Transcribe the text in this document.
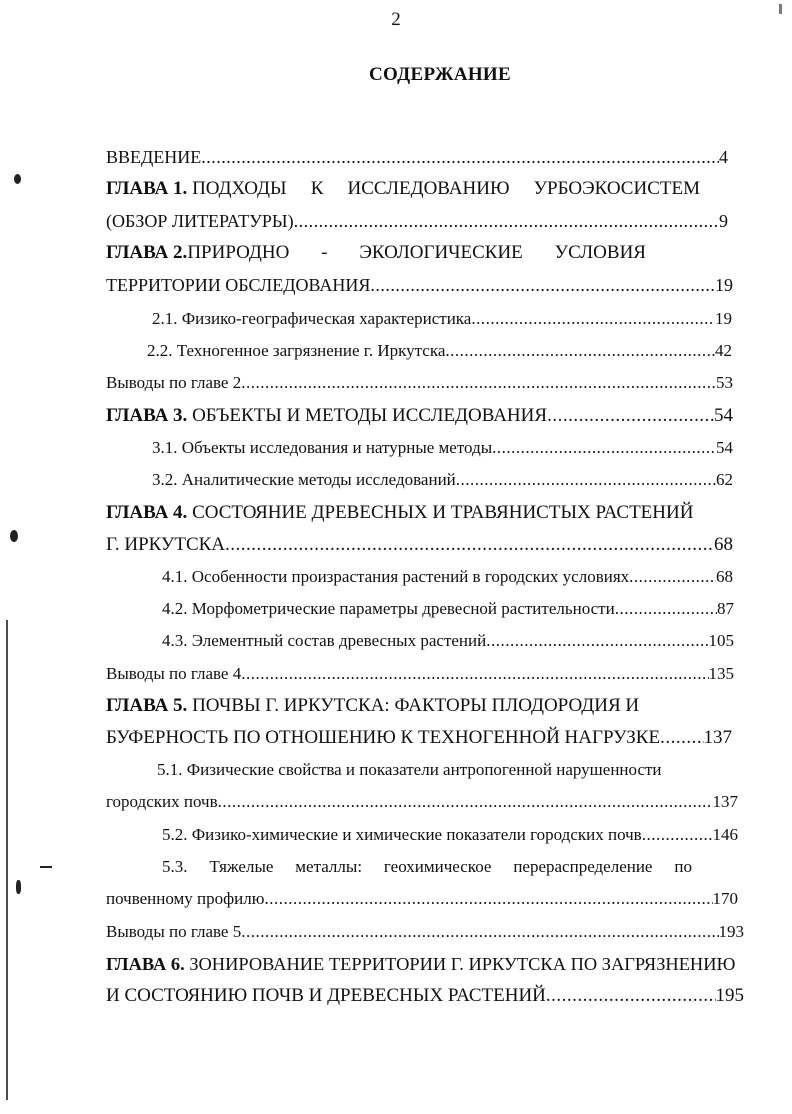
2
СОДЕРЖАНИЕ
ВВЕДЕНИЕ .....	4
ГЛАВА 1.
ПОДХОДЫ К ИССЛЕДОВАНИЮ УРБОЭКОСИСТЕМ
(ОБЗОР ЛИТЕРАТУРЫ) .....	9
ГЛАВА 2. ПРИРОДНО - ЭКОЛОГИЧЕСКИЕ УСЛОВИЯ
ТЕРРИТОРИИ ОБСЛЕДОВАНИЯ .....	19
2.1. Физико-географическая характеристика .....	19
2.2. Техногенное загрязнение г. Иркутска .....	42
Выводы по главе 2 .....	53
ГЛАВА 3.
ОБЪЕКТЫ И МЕТОДЫ ИССЛЕДОВАНИЯ .....	54
3.1. Объекты исследования и натурные методы .....	54
3.2. Аналитические методы исследований .....	62
ГЛАВА 4.
СОСТОЯНИЕ ДРЕВЕСНЫХ И ТРАВЯНИСТЫХ РАСТЕНИЙ
Г. ИРКУТСКА .....	68
4.1. Особенности произрастания растений в городских условиях .....	68
4.2. Морфометрические параметры древесной растительности .....	87
4.3. Элементный состав древесных растений .....	105
Выводы по главе 4 .....	135
ГЛАВА 5.
ПОЧВЫ Г. ИРКУТСКА: ФАКТОРЫ ПЛОДОРОДИЯ И
БУФЕРНОСТЬ ПО ОТНОШЕНИЮ К ТЕХНОГЕННОЙ НАГРУЗКЕ ..... 137
5.1. Физические свойства и показатели антропогенной нарушенности
городских почв .....	137
5.2. Физико-химические и химические показатели городских почв .....	146
5.3. Тяжелые металлы: геохимическое перераспределение по
почвенному профилю .....	170
Выводы по главе 5 .....	193
ГЛАВА 6.
ЗОНИРОВАНИЕ ТЕРРИТОРИИ Г. ИРКУТСКА ПО ЗАГРЯЗНЕНИЮ
И СОСТОЯНИЮ ПОЧВ И ДРЕВЕСНЫХ РАСТЕНИЙ .....	195
